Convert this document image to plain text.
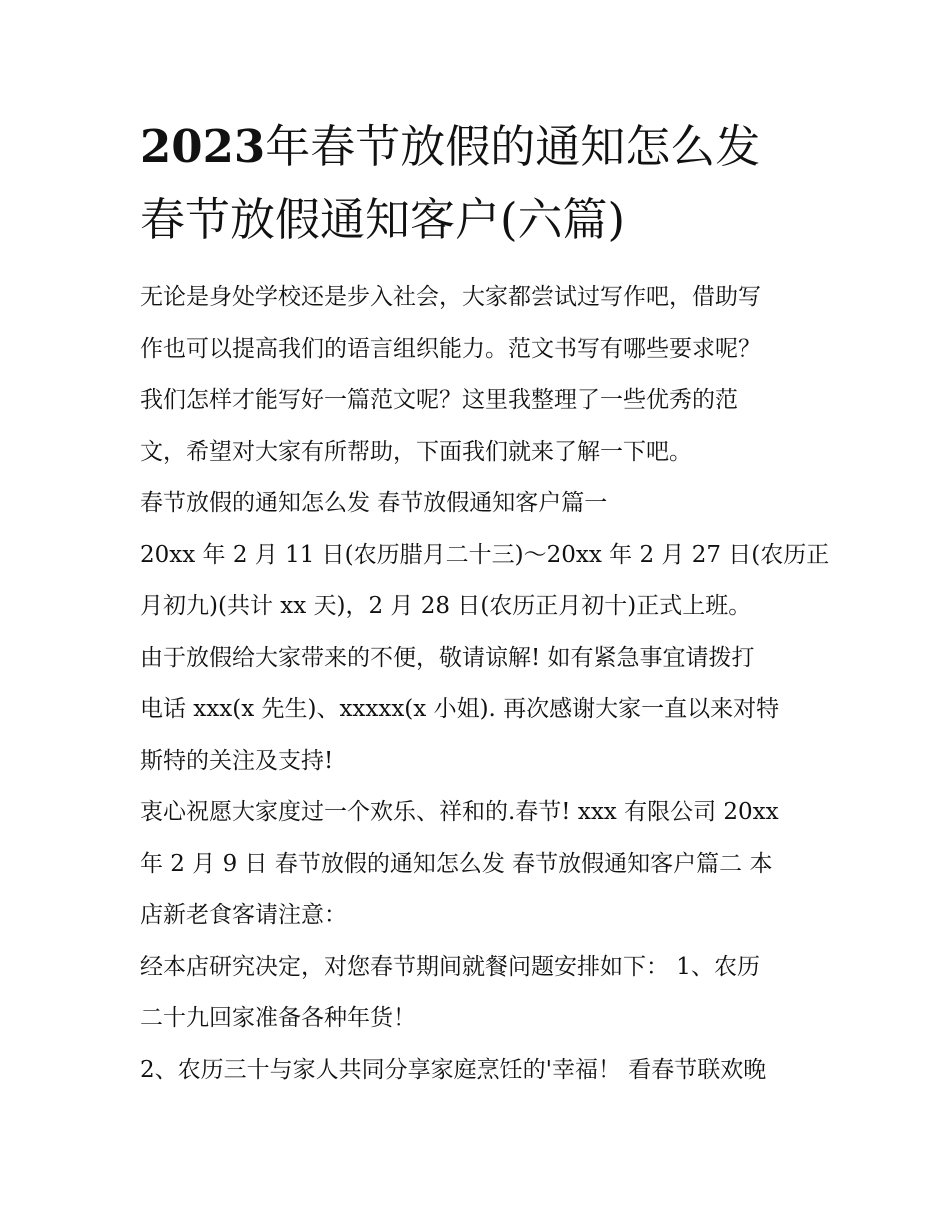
2023年春节放假的通知怎么发
春节放假通知客户(六篇)

无论是身处学校还是步入社会，大家都尝试过写作吧，借助写
作也可以提高我们的语言组织能力。范文书写有哪些要求呢？
我们怎样才能写好一篇范文呢？这里我整理了一些优秀的范
文，希望对大家有所帮助，下面我们就来了解一下吧。

春节放假的通知怎么发 春节放假通知客户篇一

20xx 年 2 月 11 日(农历腊月二十三)～20xx 年 2 月 27 日(农历正
月初九)(共计 xx 天)，2 月 28 日(农历正月初十)正式上班。

由于放假给大家带来的不便，敬请谅解! 如有紧急事宜请拨打
电话 xxx(x 先生)、xxxxx(x 小姐). 再次感谢大家一直以来对特
斯特的关注及支持!

衷心祝愿大家度过一个欢乐、祥和的.春节! xxx 有限公司 20xx
年 2 月 9 日 春节放假的通知怎么发 春节放假通知客户篇二 本
店新老食客请注意：

经本店研究决定，对您春节期间就餐问题安排如下： 1、农历
二十九回家准备各种年货！

2、农历三十与家人共同分享家庭烹饪的'幸福！ 看春节联欢晚
